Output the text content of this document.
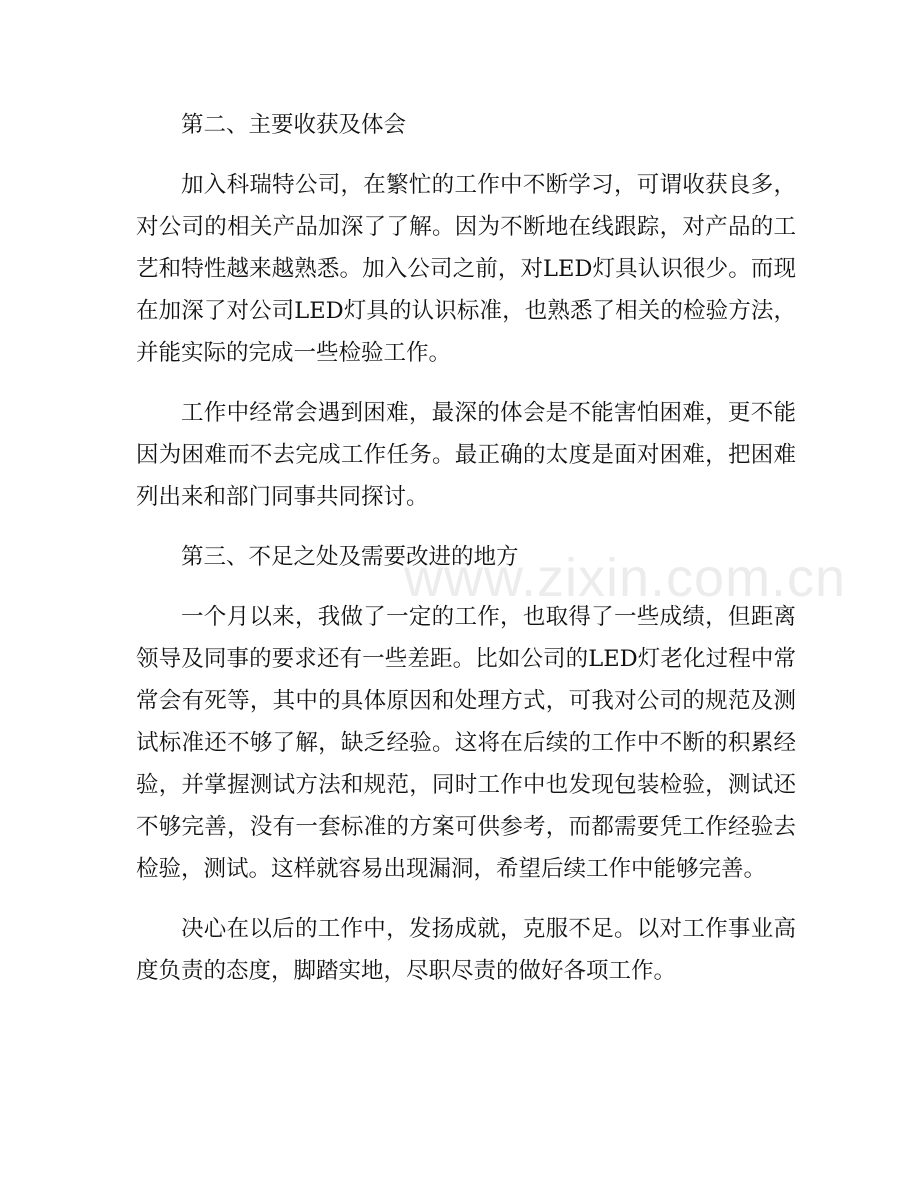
第二、主要收获及体会

加入科瑞特公司，在繁忙的工作中不断学习，可谓收获良多，对公司的相关产品加深了了解。因为不断地在线跟踪，对产品的工艺和特性越来越熟悉。加入公司之前，对LED灯具认识很少。而现在加深了对公司LED灯具的认识标准，也熟悉了相关的检验方法，并能实际的完成一些检验工作。

工作中经常会遇到困难，最深的体会是不能害怕困难，更不能因为困难而不去完成工作任务。最正确的太度是面对困难，把困难列出来和部门同事共同探讨。

第三、不足之处及需要改进的地方

一个月以来，我做了一定的工作，也取得了一些成绩，但距离领导及同事的要求还有一些差距。比如公司的LED灯老化过程中常常会有死等，其中的具体原因和处理方式，可我对公司的规范及测试标准还不够了解，缺乏经验。这将在后续的工作中不断的积累经验，并掌握测试方法和规范，同时工作中也发现包装检验，测试还不够完善，没有一套标准的方案可供参考，而都需要凭工作经验去检验，测试。这样就容易出现漏洞，希望后续工作中能够完善。

决心在以后的工作中，发扬成就，克服不足。以对工作事业高度负责的态度，脚踏实地，尽职尽责的做好各项工作。

www.zixin.com.cn
